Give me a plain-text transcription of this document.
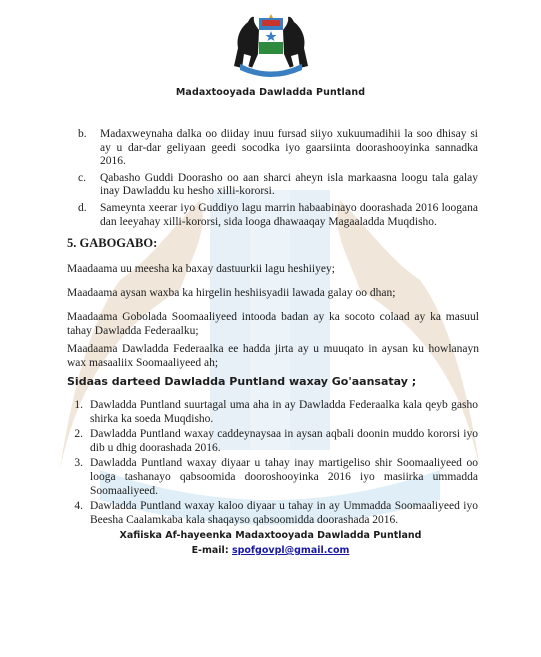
Madaxtooyada Dawladda Puntland
b.	Madaxweynaha dalka oo diiday inuu fursad siiyo xukuumadihii la soo dhisay si ay u dar-dar geliyaan geedi socodka iyo gaarsiinta doorashooyinka sannadka 2016.
c.	Qabasho Guddi Doorasho oo aan sharci aheyn isla markaasna loogu tala galay inay Dawladdu ku hesho xilli-kororsi.
d.	Sameynta xeerar iyo Guddiyo lagu marrin habaabinayo doorashada 2016 loogana dan leeyahay xilli-kororsi, sida looga dhawaaqay Magaaladda Muqdisho.
5. GABOGABO:
Maadaama uu meesha ka baxay dastuurkii lagu heshiiyey;
Maadaama aysan waxba ka hirgelin heshiisyadii lawada galay oo dhan;
Maadaama Gobolada Soomaaliyeed intooda badan ay ka socoto colaad ay ka masuul tahay Dawladda Federaalku;
Maadaama Dawladda Federaalka ee hadda jirta ay u muuqato in aysan ku howlanayn wax masaaliix Soomaaliyeed ah;
Sidaas darteed Dawladda Puntland waxay Go'aansatay ;
1. Dawladda Puntland suurtagal uma aha in ay Dawladda Federaalka kala qeyb gasho shirka ka soeda Muqdisho.
2. Dawladda Puntland waxay caddeynaysaa in aysan aqbali doonin muddo kororsi iyo dib u dhig doorashada 2016.
3. Dawladda Puntland waxay diyaar u tahay inay martigeliso shir Soomaaliyeed oo looga tashanayo qabsoomida dooroshooyinka 2016 iyo masiirka ummadda Soomaaliyeed.
4. Dawladda Puntland waxay kaloo diyaar u tahay in ay Ummadda Soomaaliyeed iyo Beesha Caalamkaba kala shaqayso qabsoomidda doorashada 2016.
Xafiiska Af-hayeenka Madaxtooyada Dawladda Puntland
E-mail: spofgovpl@gmail.com
